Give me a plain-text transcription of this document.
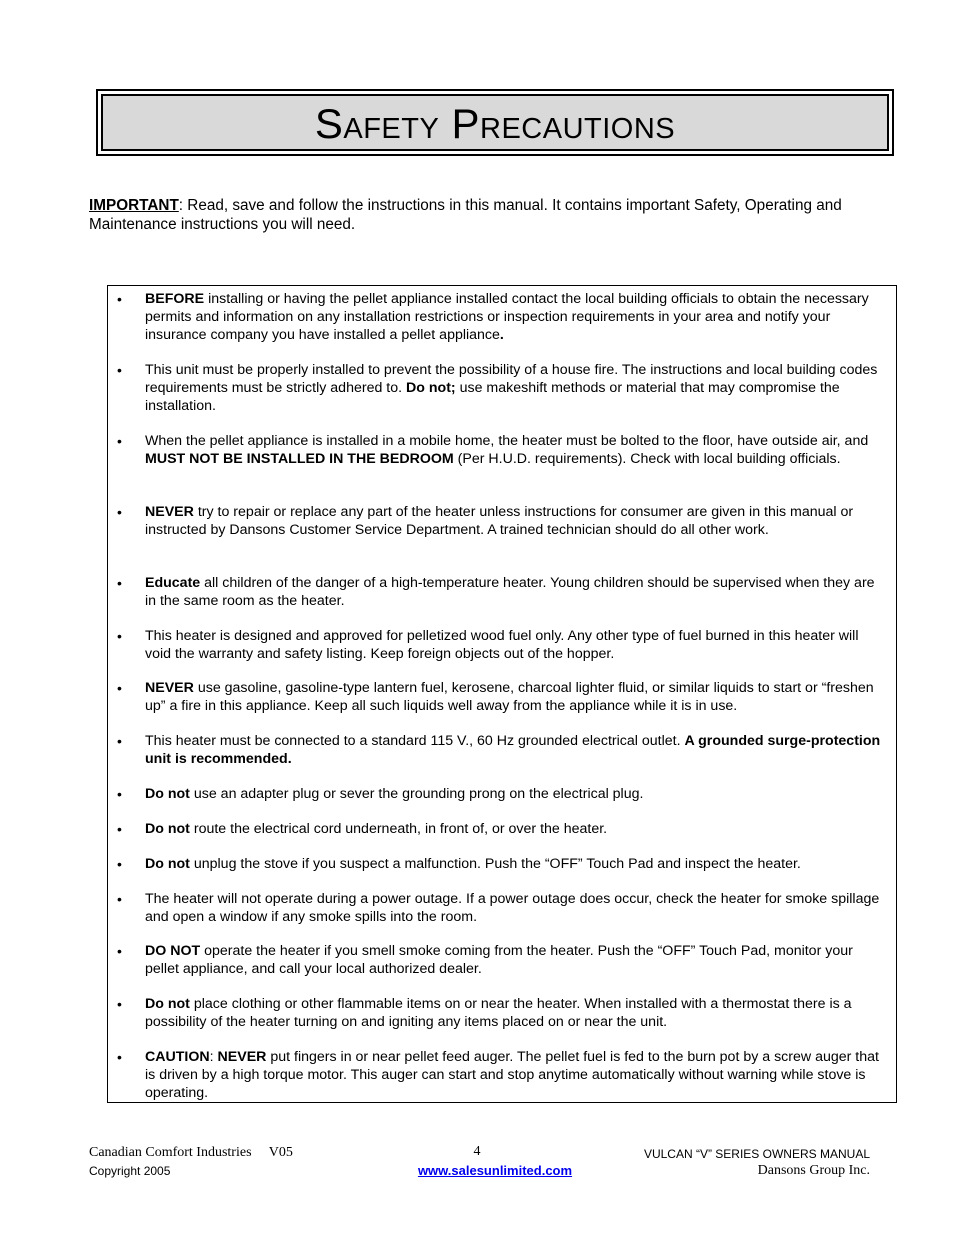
Safety Precautions
IMPORTANT: Read, save and follow the instructions in this manual. It contains important Safety, Operating and Maintenance instructions you will need.
• BEFORE installing or having the pellet appliance installed contact the local building officials to obtain the necessary permits and information on any installation restrictions or inspection requirements in your area and notify your insurance company you have installed a pellet appliance.
• This unit must be properly installed to prevent the possibility of a house fire. The instructions and local building codes requirements must be strictly adhered to. Do not; use makeshift methods or material that may compromise the installation.
• When the pellet appliance is installed in a mobile home, the heater must be bolted to the floor, have outside air, and MUST NOT BE INSTALLED IN THE BEDROOM (Per H.U.D. requirements). Check with local building officials.
• NEVER try to repair or replace any part of the heater unless instructions for consumer are given in this manual or instructed by Dansons Customer Service Department. A trained technician should do all other work.
• Educate all children of the danger of a high-temperature heater. Young children should be supervised when they are in the same room as the heater.
• This heater is designed and approved for pelletized wood fuel only. Any other type of fuel burned in this heater will void the warranty and safety listing. Keep foreign objects out of the hopper.
• NEVER use gasoline, gasoline-type lantern fuel, kerosene, charcoal lighter fluid, or similar liquids to start or “freshen up” a fire in this appliance. Keep all such liquids well away from the appliance while it is in use.
• This heater must be connected to a standard 115 V., 60 Hz grounded electrical outlet. A grounded surge-protection unit is recommended.
• Do not use an adapter plug or sever the grounding prong on the electrical plug.
• Do not route the electrical cord underneath, in front of, or over the heater.
• Do not unplug the stove if you suspect a malfunction. Push the “OFF” Touch Pad and inspect the heater.
• The heater will not operate during a power outage. If a power outage does occur, check the heater for smoke spillage and open a window if any smoke spills into the room.
• DO NOT operate the heater if you smell smoke coming from the heater. Push the “OFF” Touch Pad, monitor your pellet appliance, and call your local authorized dealer.
• Do not place clothing or other flammable items on or near the heater. When installed with a thermostat there is a possibility of the heater turning on and igniting any items placed on or near the unit.
• CAUTION: NEVER put fingers in or near pellet feed auger. The pellet fuel is fed to the burn pot by a screw auger that is driven by a high torque motor. This auger can start and stop anytime automatically without warning while stove is operating.
Canadian Comfort Industries     V05
Copyright 2005
4
www.salesunlimited.com
VULCAN “V” SERIES OWNERS MANUAL
Dansons Group Inc.
